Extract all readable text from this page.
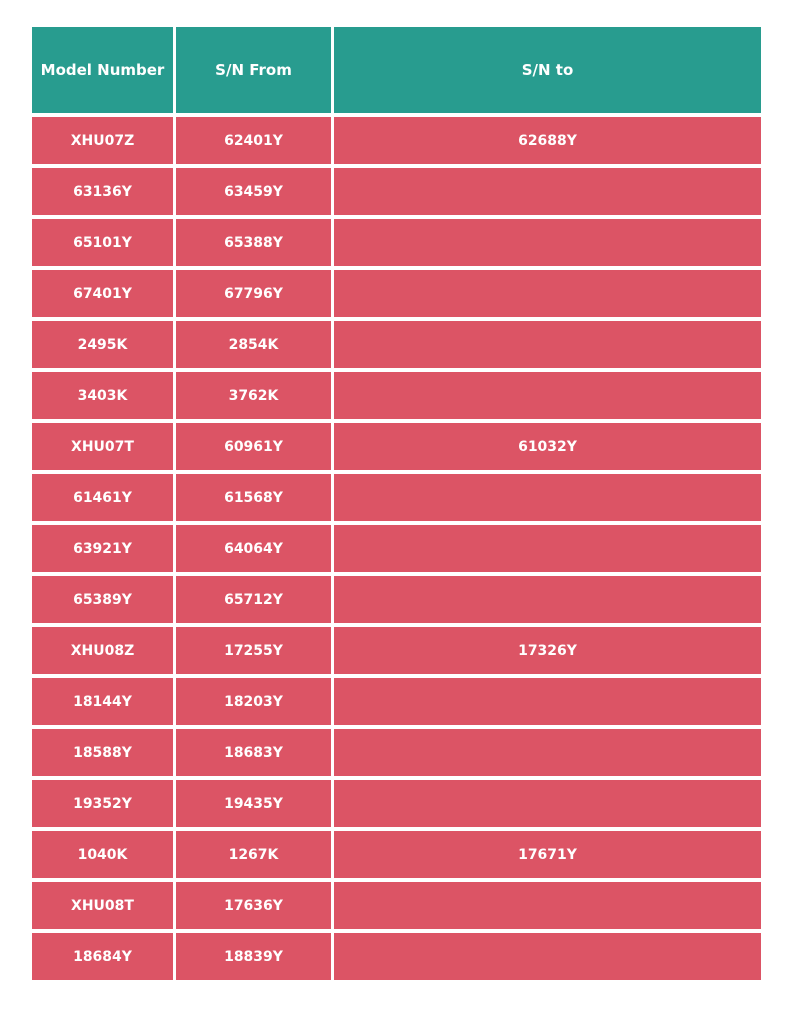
Model Number	S/N From	S/N to
XHU07Z	62401Y	62688Y
63136Y	63459Y	
65101Y	65388Y	
67401Y	67796Y	
2495K	2854K	
3403K	3762K	
XHU07T	60961Y	61032Y
61461Y	61568Y	
63921Y	64064Y	
65389Y	65712Y	
XHU08Z	17255Y	17326Y
18144Y	18203Y	
18588Y	18683Y	
19352Y	19435Y	
1040K	1267K	17671Y
XHU08T	17636Y	
18684Y	18839Y	
